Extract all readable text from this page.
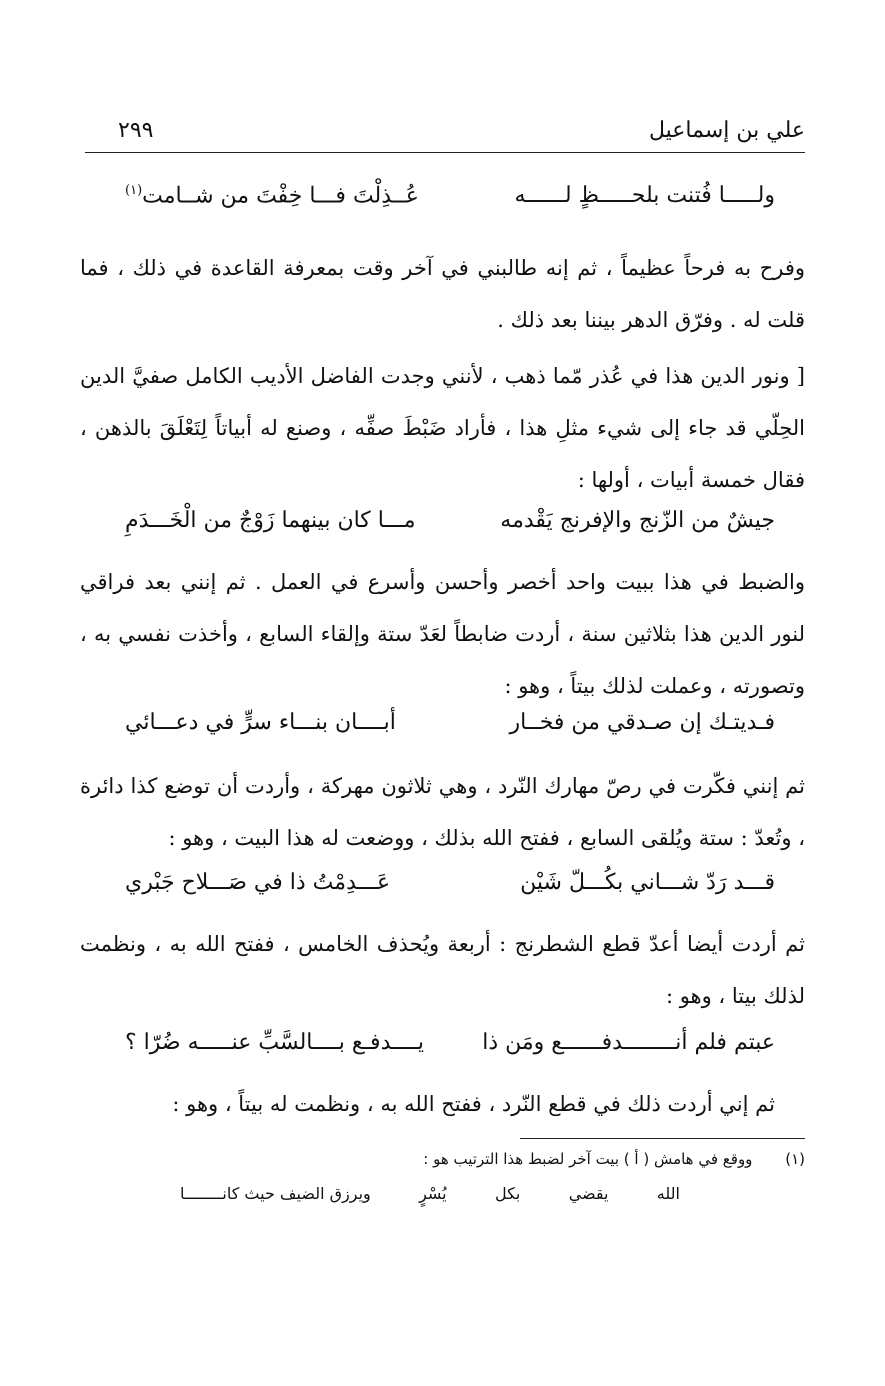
علي بن إسماعيل
٢٩٩
ولـــــا فُتنت بلحـــــظٍ لــــــه
عُــذِلْتَ فـــا خِفْتَ من شــامت$^{(١)}$
وفرح به فرحاً عظيماً ، ثم إنه طالبني في آخر وقت بمعرفة القاعدة في ذلك ، فما قلت له . وفرّق الدهر بيننا بعد ذلك .
[ ونور الدين هذا في عُذر مّما ذهب ، لأنني وجدت الفاضل الأديب الكامل صفيَّ الدين الحِلّي قد جاء إلى شيء مثلِ هذا ، فأراد ضَبْطَ صفِّه ، وصنع له أبياتاً لِتَعْلَقَ بالذهن ، فقال خمسة أبيات ، أولها :
جيشٌ من الزّنج والإفرنج يَقْدمه
مـــا كان بينهما زَوْجٌ من الْخَـــدَمِ
والضبط في هذا ببيت واحد أخصر وأحسن وأسرع في العمل . ثم إنني بعد فراقي لنور الدين هذا بثلاثين سنة ، أردت ضابطاً لعَدّ ستة وإلقاء السابع ، وأخذت نفسي به ، وتصورته ، وعملت لذلك بيتاً ، وهو :
فـديتـك إن صـدقي من فخــار
أبــــان بنـــاء سرٍّ في دعـــائي
ثم إنني فكّرت في رصّ مهارك النّرد ، وهي ثلاثون مهركة ، وأردت أن توضع كذا دائرة ، وتُعدّ : ستة ويُلقى السابع ، ففتح الله بذلك ، ووضعت له هذا البيت ، وهو :
قـــد رَدّ شـــاني بكُـــلّ شَيْن
عَـــدِمْتُ ذا في صَـــلاح جَبْري
ثم أردت أيضا أعدّ قطع الشطرنج : أربعة ويُحذف الخامس ، ففتح الله به ، ونظمت لذلك بيتا ، وهو :
عبتم فلم أنــــــــدفــــــع ومَن ذا
يــــدفـع بــــالسَّبِّ عنـــــه ضُرّا ؟
ثم إني أردت ذلك في قطع النّرد ، ففتح الله به ، ونظمت له بيتاً ، وهو :
(١) ووقع في هامش ( أ ) بيت آخر لضبط هذا الترتيب هو :
الله
يقضي
بكل
يُسْرٍ
ويرزق الضيف حيث كانــــــــا
